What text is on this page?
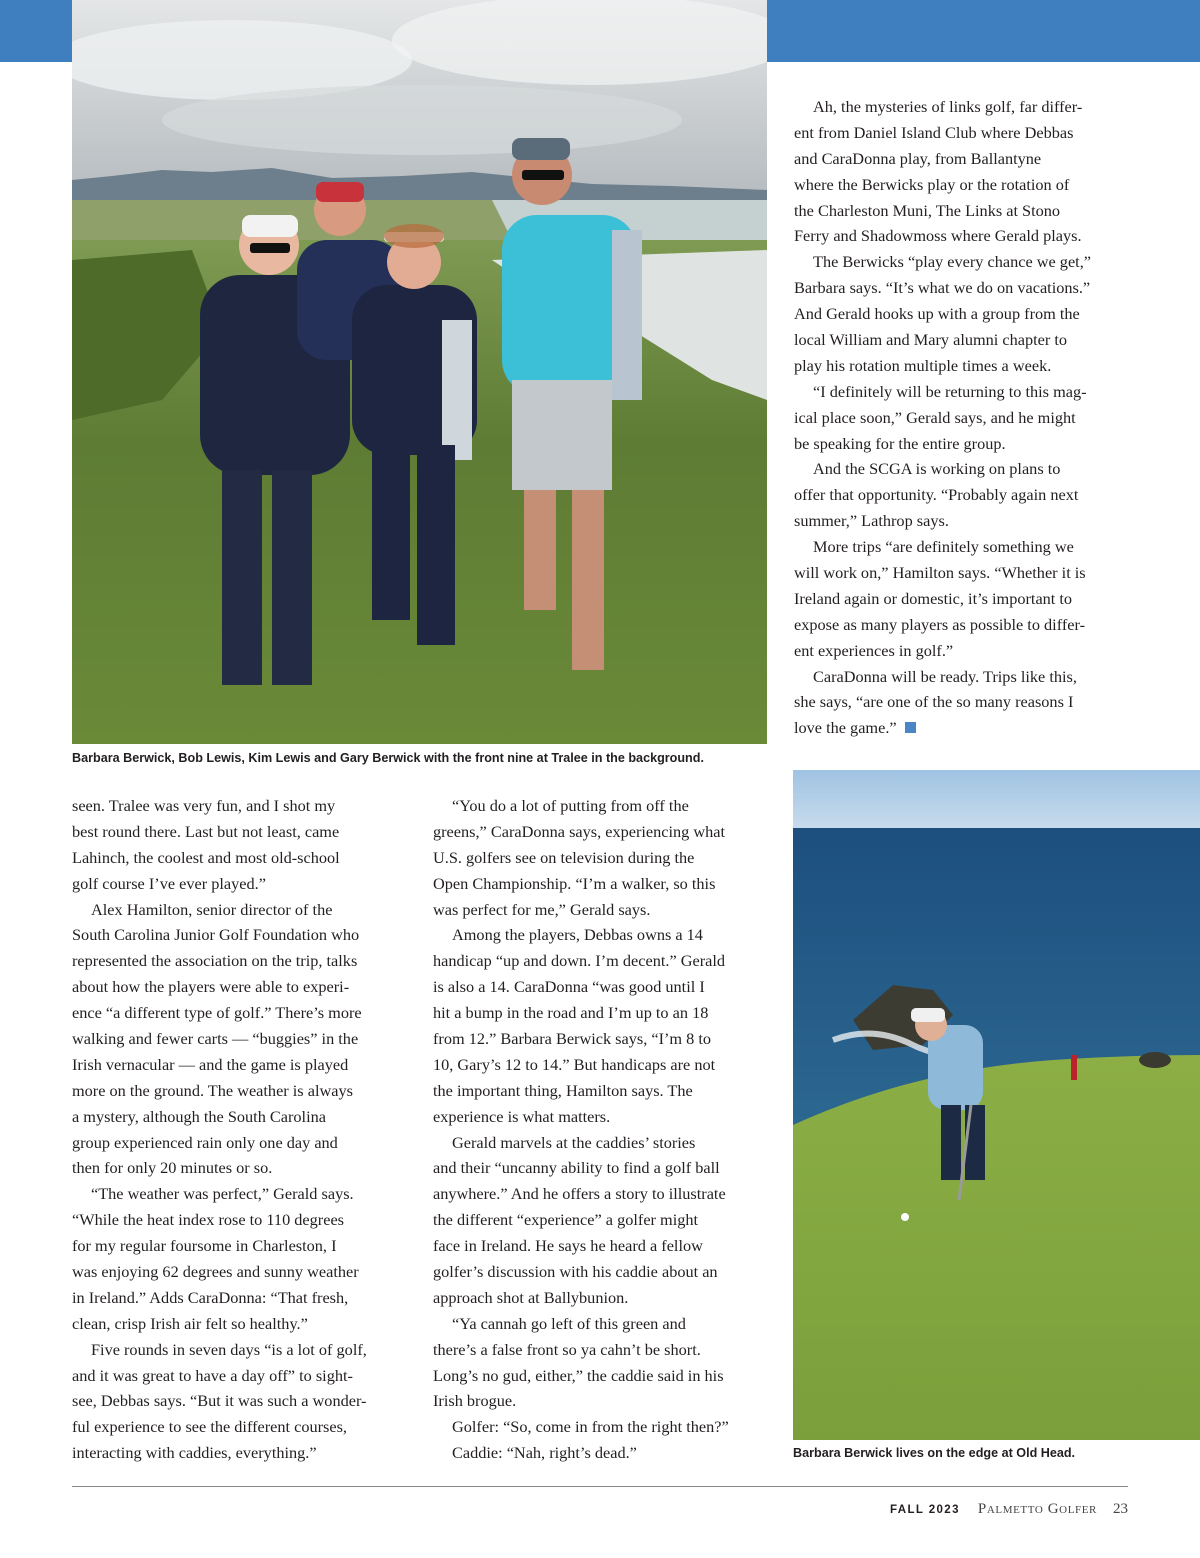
Barbara Berwick, Bob Lewis, Kim Lewis and Gary Berwick with the front nine at Tralee in the background.
Ah, the mysteries of links golf, far differ-
ent from Daniel Island Club where Debbas
and CaraDonna play, from Ballantyne
where the Berwicks play or the rotation of
the Charleston Muni, The Links at Stono
Ferry and Shadowmoss where Gerald plays.
The Berwicks “play every chance we get,”
Barbara says. “It’s what we do on vacations.”
And Gerald hooks up with a group from the
local William and Mary alumni chapter to
play his rotation multiple times a week.
“I definitely will be returning to this mag-
ical place soon,” Gerald says, and he might
be speaking for the entire group.
And the SCGA is working on plans to
offer that opportunity. “Probably again next
summer,” Lathrop says.
More trips “are definitely something we
will work on,” Hamilton says. “Whether it is
Ireland again or domestic, it’s important to
expose as many players as possible to differ-
ent experiences in golf.”
CaraDonna will be ready. Trips like this,
she says, “are one of the so many reasons I
love the game.”
Barbara Berwick lives on the edge at Old Head.
seen. Tralee was very fun, and I shot my
best round there. Last but not least, came
Lahinch, the coolest and most old-school
golf course I’ve ever played.”
Alex Hamilton, senior director of the
South Carolina Junior Golf Foundation who
represented the association on the trip, talks
about how the players were able to experi-
ence “a different type of golf.” There’s more
walking and fewer carts — “buggies” in the
Irish vernacular — and the game is played
more on the ground. The weather is always
a mystery, although the South Carolina
group experienced rain only one day and
then for only 20 minutes or so.
“The weather was perfect,” Gerald says.
“While the heat index rose to 110 degrees
for my regular foursome in Charleston, I
was enjoying 62 degrees and sunny weather
in Ireland.” Adds CaraDonna: “That fresh,
clean, crisp Irish air felt so healthy.”
Five rounds in seven days “is a lot of golf,
and it was great to have a day off” to sight-
see, Debbas says. “But it was such a wonder-
ful experience to see the different courses,
interacting with caddies, everything.”
“You do a lot of putting from off the
greens,” CaraDonna says, experiencing what
U.S. golfers see on television during the
Open Championship. “I’m a walker, so this
was perfect for me,” Gerald says.
Among the players, Debbas owns a 14
handicap “up and down. I’m decent.” Gerald
is also a 14. CaraDonna “was good until I
hit a bump in the road and I’m up to an 18
from 12.” Barbara Berwick says, “I’m 8 to
10, Gary’s 12 to 14.” But handicaps are not
the important thing, Hamilton says. The
experience is what matters.
Gerald marvels at the caddies’ stories
and their “uncanny ability to find a golf ball
anywhere.” And he offers a story to illustrate
the different “experience” a golfer might
face in Ireland. He says he heard a fellow
golfer’s discussion with his caddie about an
approach shot at Ballybunion.
“Ya cannah go left of this green and
there’s a false front so ya cahn’t be short.
Long’s no gud, either,” the caddie said in his
Irish brogue.
Golfer: “So, come in from the right then?”
Caddie: “Nah, right’s dead.”
FALL 2023 Palmetto Golfer 23
